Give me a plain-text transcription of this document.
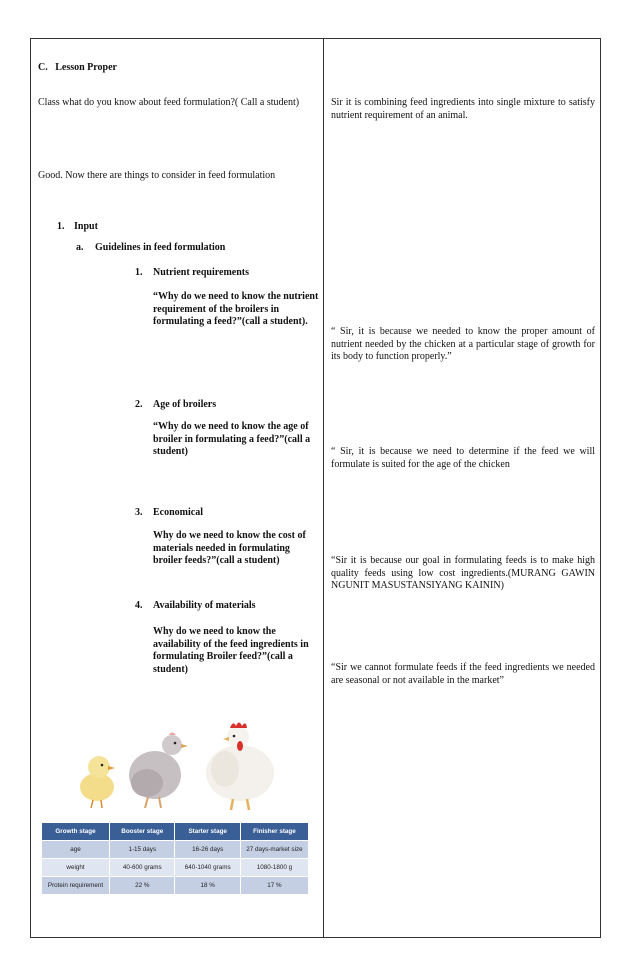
C.   Lesson Proper
Class what do you know about feed formulation?( Call a student)	Sir it is combining feed ingredients into single mixture to satisfy nutrient requirement of an animal.
Good. Now there are things to consider in feed formulation
1. Input
a. Guidelines in feed formulation
1. Nutrient requirements
“Why do we need to know the nutrient requirement of the broilers in formulating a feed?”(call a student).
“ Sir, it is because we needed to know the proper amount of nutrient needed by the chicken at a particular stage of growth for its body to function properly.”
2. Age of broilers
“Why do we need to know the age of broiler in formulating a feed?”(call a student)	“ Sir, it is because we need to determine if the feed we will formulate is suited for the age of the chicken
3. Economical
Why do we need to know the cost of materials needed in formulating broiler feeds?”(call a student)	“Sir it is because our goal in formulating feeds is to make high quality feeds using low cost ingredients.(MURANG GAWIN NGUNIT MASUSTANSIYANG KAININ)
4. Availability of materials
Why do we need to know the availability of the feed ingredients in formulating Broiler feed?”(call a student)	“Sir we cannot formulate feeds if the feed ingredients we needed are seasonal or not available in the market”
Growth stage	Booster stage	Starter stage	Finisher stage
age	1-15 days	16-26 days	27 days-market size
weight	40-600 grams	640-1040 grams	1080-1800 g
Protein requirement	22 %	18 %	17 %
